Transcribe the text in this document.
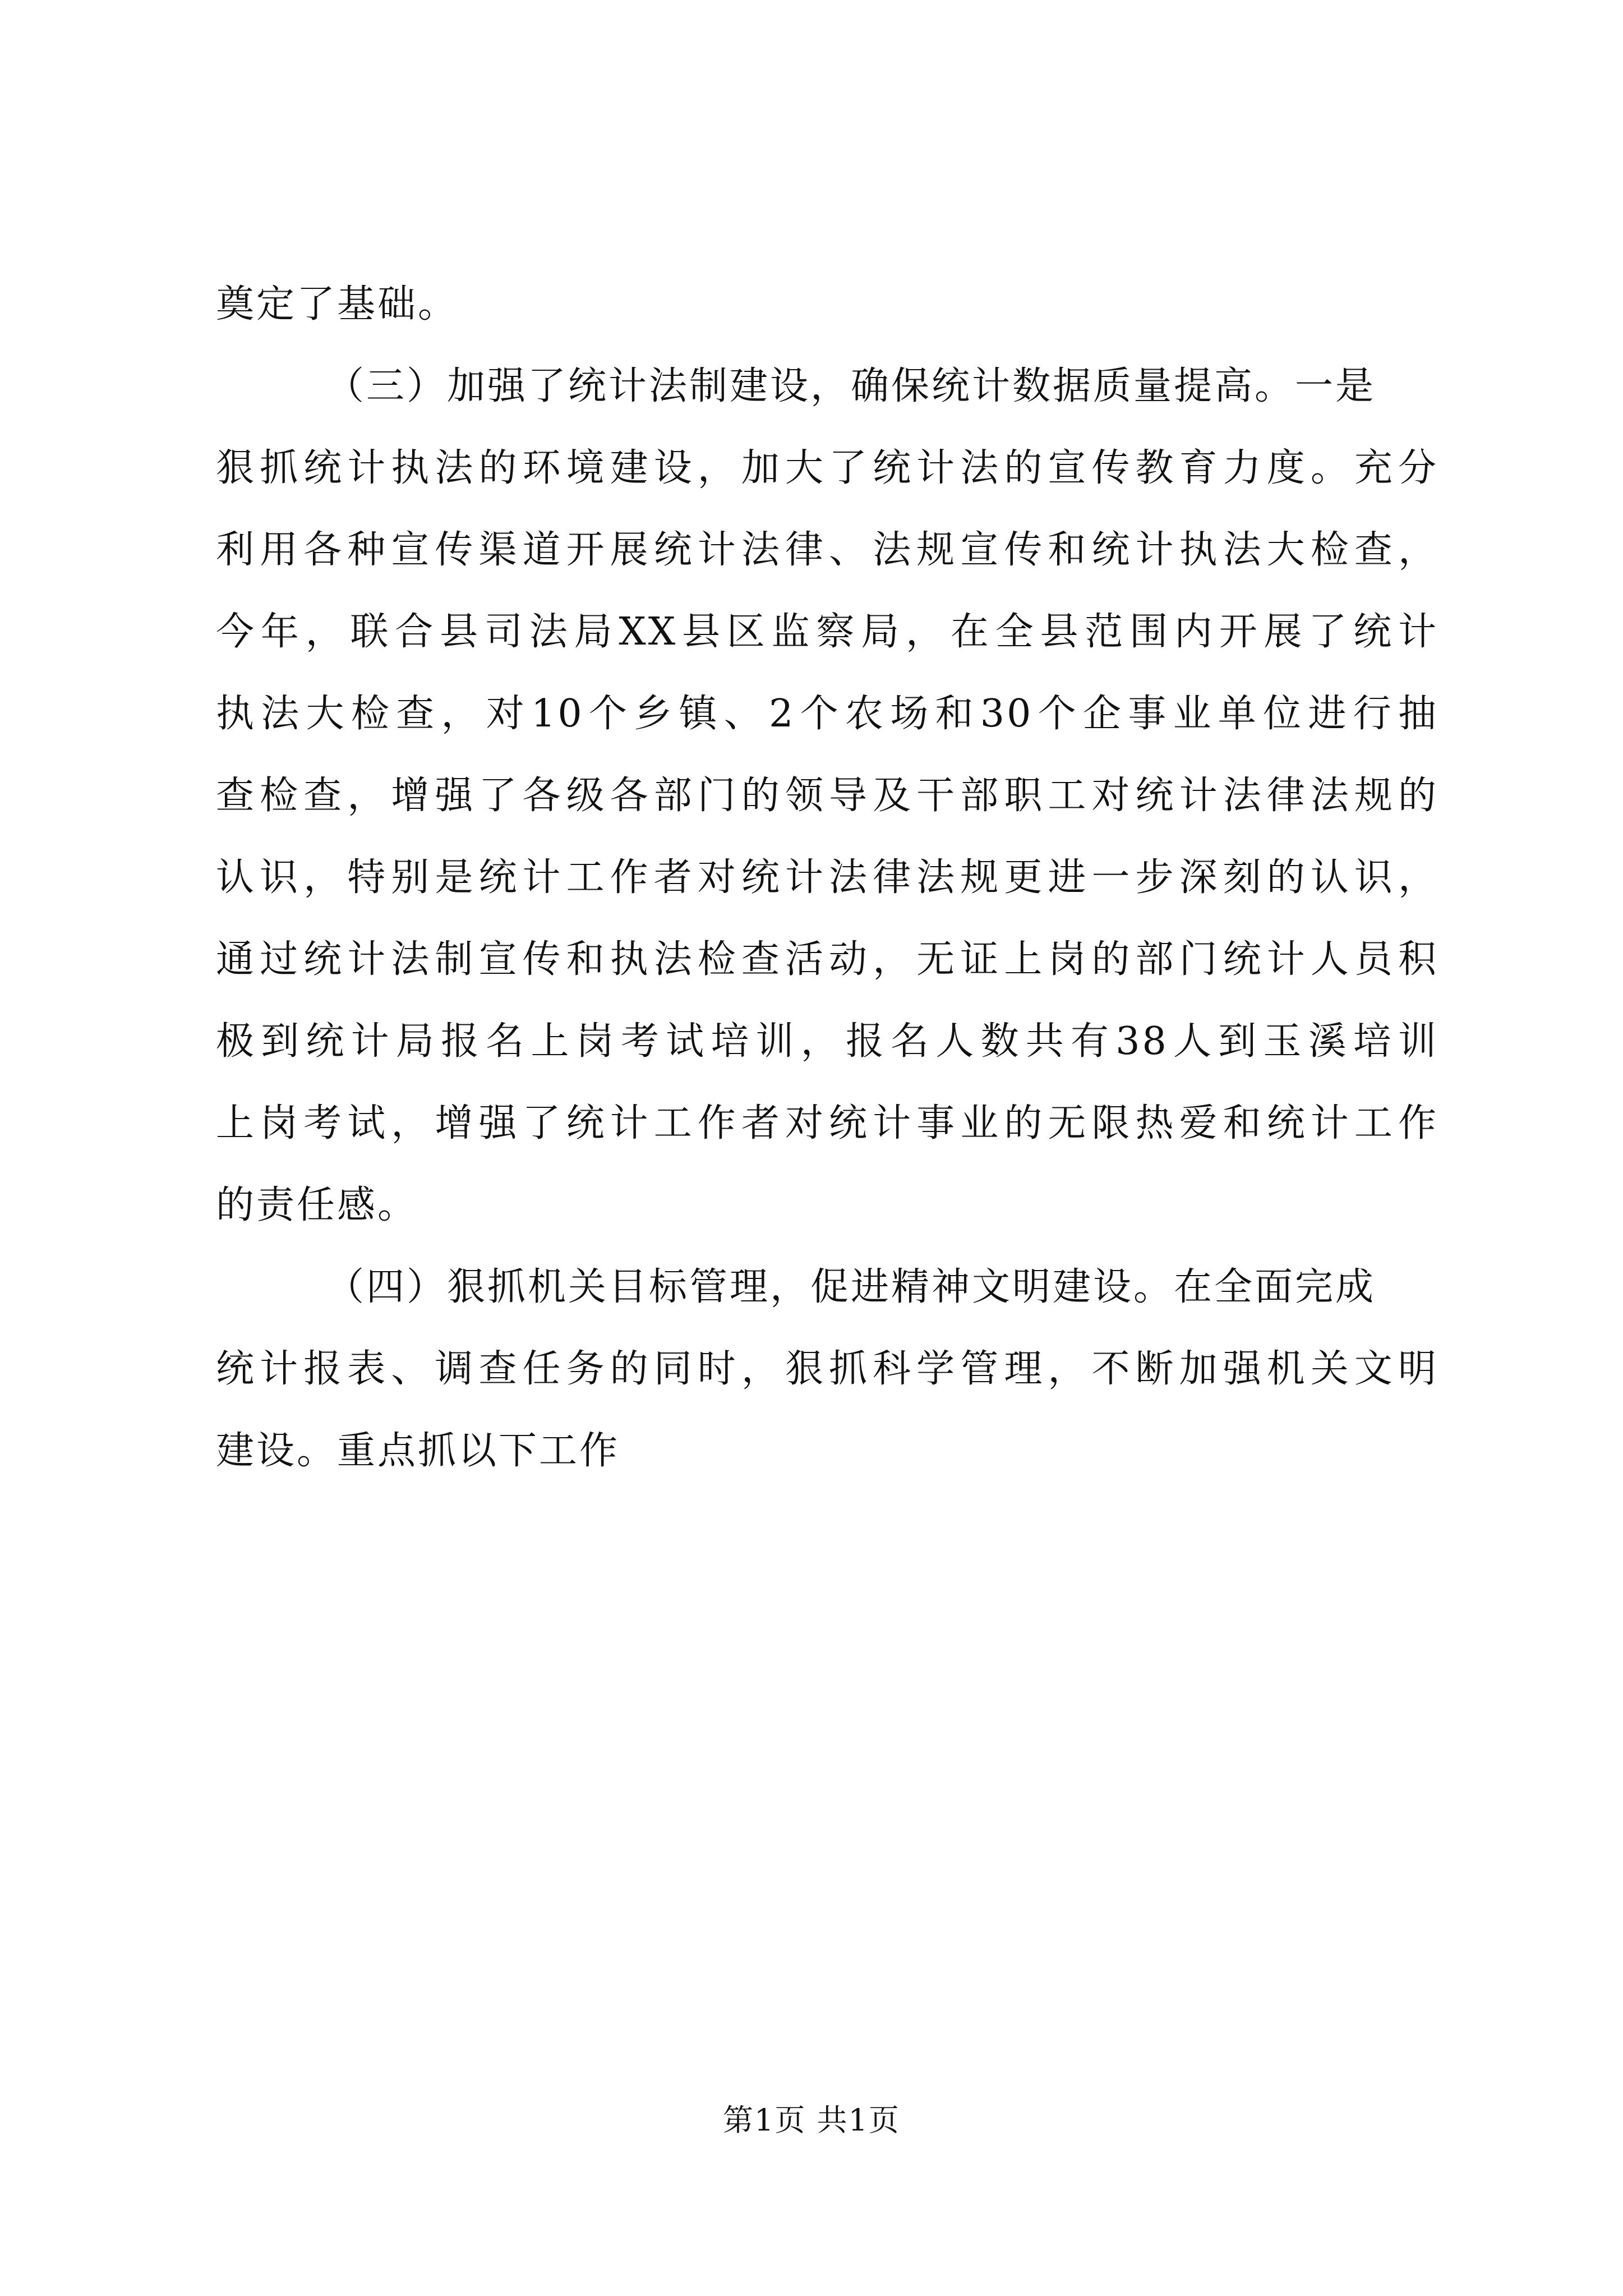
奠定了基础。
（三）加强了统计法制建设，确保统计数据质量提高。一是
狠抓统计执法的环境建设，加大了统计法的宣传教育力度。充分
利用各种宣传渠道开展统计法律、法规宣传和统计执法大检查，
今年，联合县司法局XX县区监察局，在全县范围内开展了统计
执法大检查，对10个乡镇、2个农场和30个企事业单位进行抽
查检查，增强了各级各部门的领导及干部职工对统计法律法规的
认识，特别是统计工作者对统计法律法规更进一步深刻的认识，
通过统计法制宣传和执法检查活动，无证上岗的部门统计人员积
极到统计局报名上岗考试培训，报名人数共有38人到玉溪培训
上岗考试，增强了统计工作者对统计事业的无限热爱和统计工作
的责任感。
（四）狠抓机关目标管理，促进精神文明建设。在全面完成
统计报表、调查任务的同时，狠抓科学管理，不断加强机关文明
建设。重点抓以下工作
第1页 共1页
